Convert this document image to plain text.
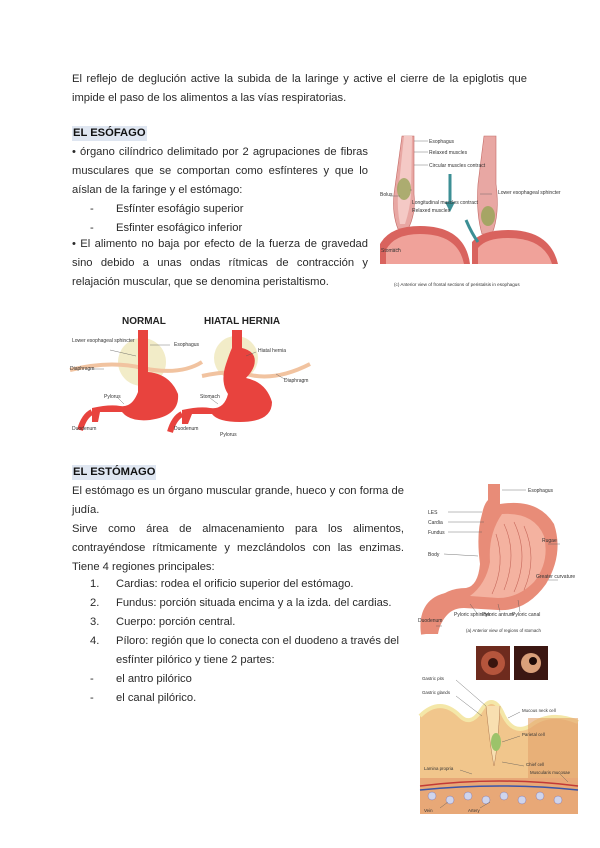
El reflejo de deglución active la subida de la laringe y active el cierre de la epiglotis que impide el paso de los alimentos a las vías respiratorias.
EL ESÓFAGO
• órgano cilíndrico delimitado por 2 agrupaciones de fibras musculares que se comportan como esfínteres y que lo aíslan de la faringe y el estómago:
- Esfínter esofágio superior
- Esfinter esofágico inferior
• El alimento no baja por efecto de la fuerza de gravedad sino debido a unas ondas rítmicas de contracción y relajación muscular, que se denomina peristaltismo.
Esophagus
Relaxed muscles
Circular muscles contract
Longitudinal muscles contract
Relaxed muscles
Bolus
Stomach
Lower esophageal sphincter
(c) Anterior view of frontal sections of peristalsis in esophagus
NORMAL	HIATAL HERNIA
Lower esophageal sphincter
Esophagus
Diaphragm
Pylorus
Duodenum
Hiatal hernia
Diaphragm
Stomach
Duodenum
Pylorus
EL ESTÓMAGO
El estómago es un órgano muscular grande, hueco y con forma de judía.
Sirve como área de almacenamiento para los alimentos, contrayéndose rítmicamente y mezclándolos con las enzimas. Tiene 4 regiones principales:
1. Cardias: rodea el orificio superior del estómago.
2. Fundus: porción situada encima y a la izda. del cardias.
3. Cuerpo: porción central.
4. Píloro: región que lo conecta con el duodeno a través del
esfínter pilórico y tiene 2 partes:
- el antro pilórico
- el canal pilórico.
Esophagus
LES
Cardia
Fundus
Body
Greater curvature
Pyloric sphincter
Pyloric antrum
Pyloric canal
Duodenum
Rugae
(a) Anterior view of regions of stomach
Gastric pits
Gastric glands
Mucous neck cell
Parietal cell
Chief cell
Lamina propria
Muscularis mucosae
Vein	Artery
